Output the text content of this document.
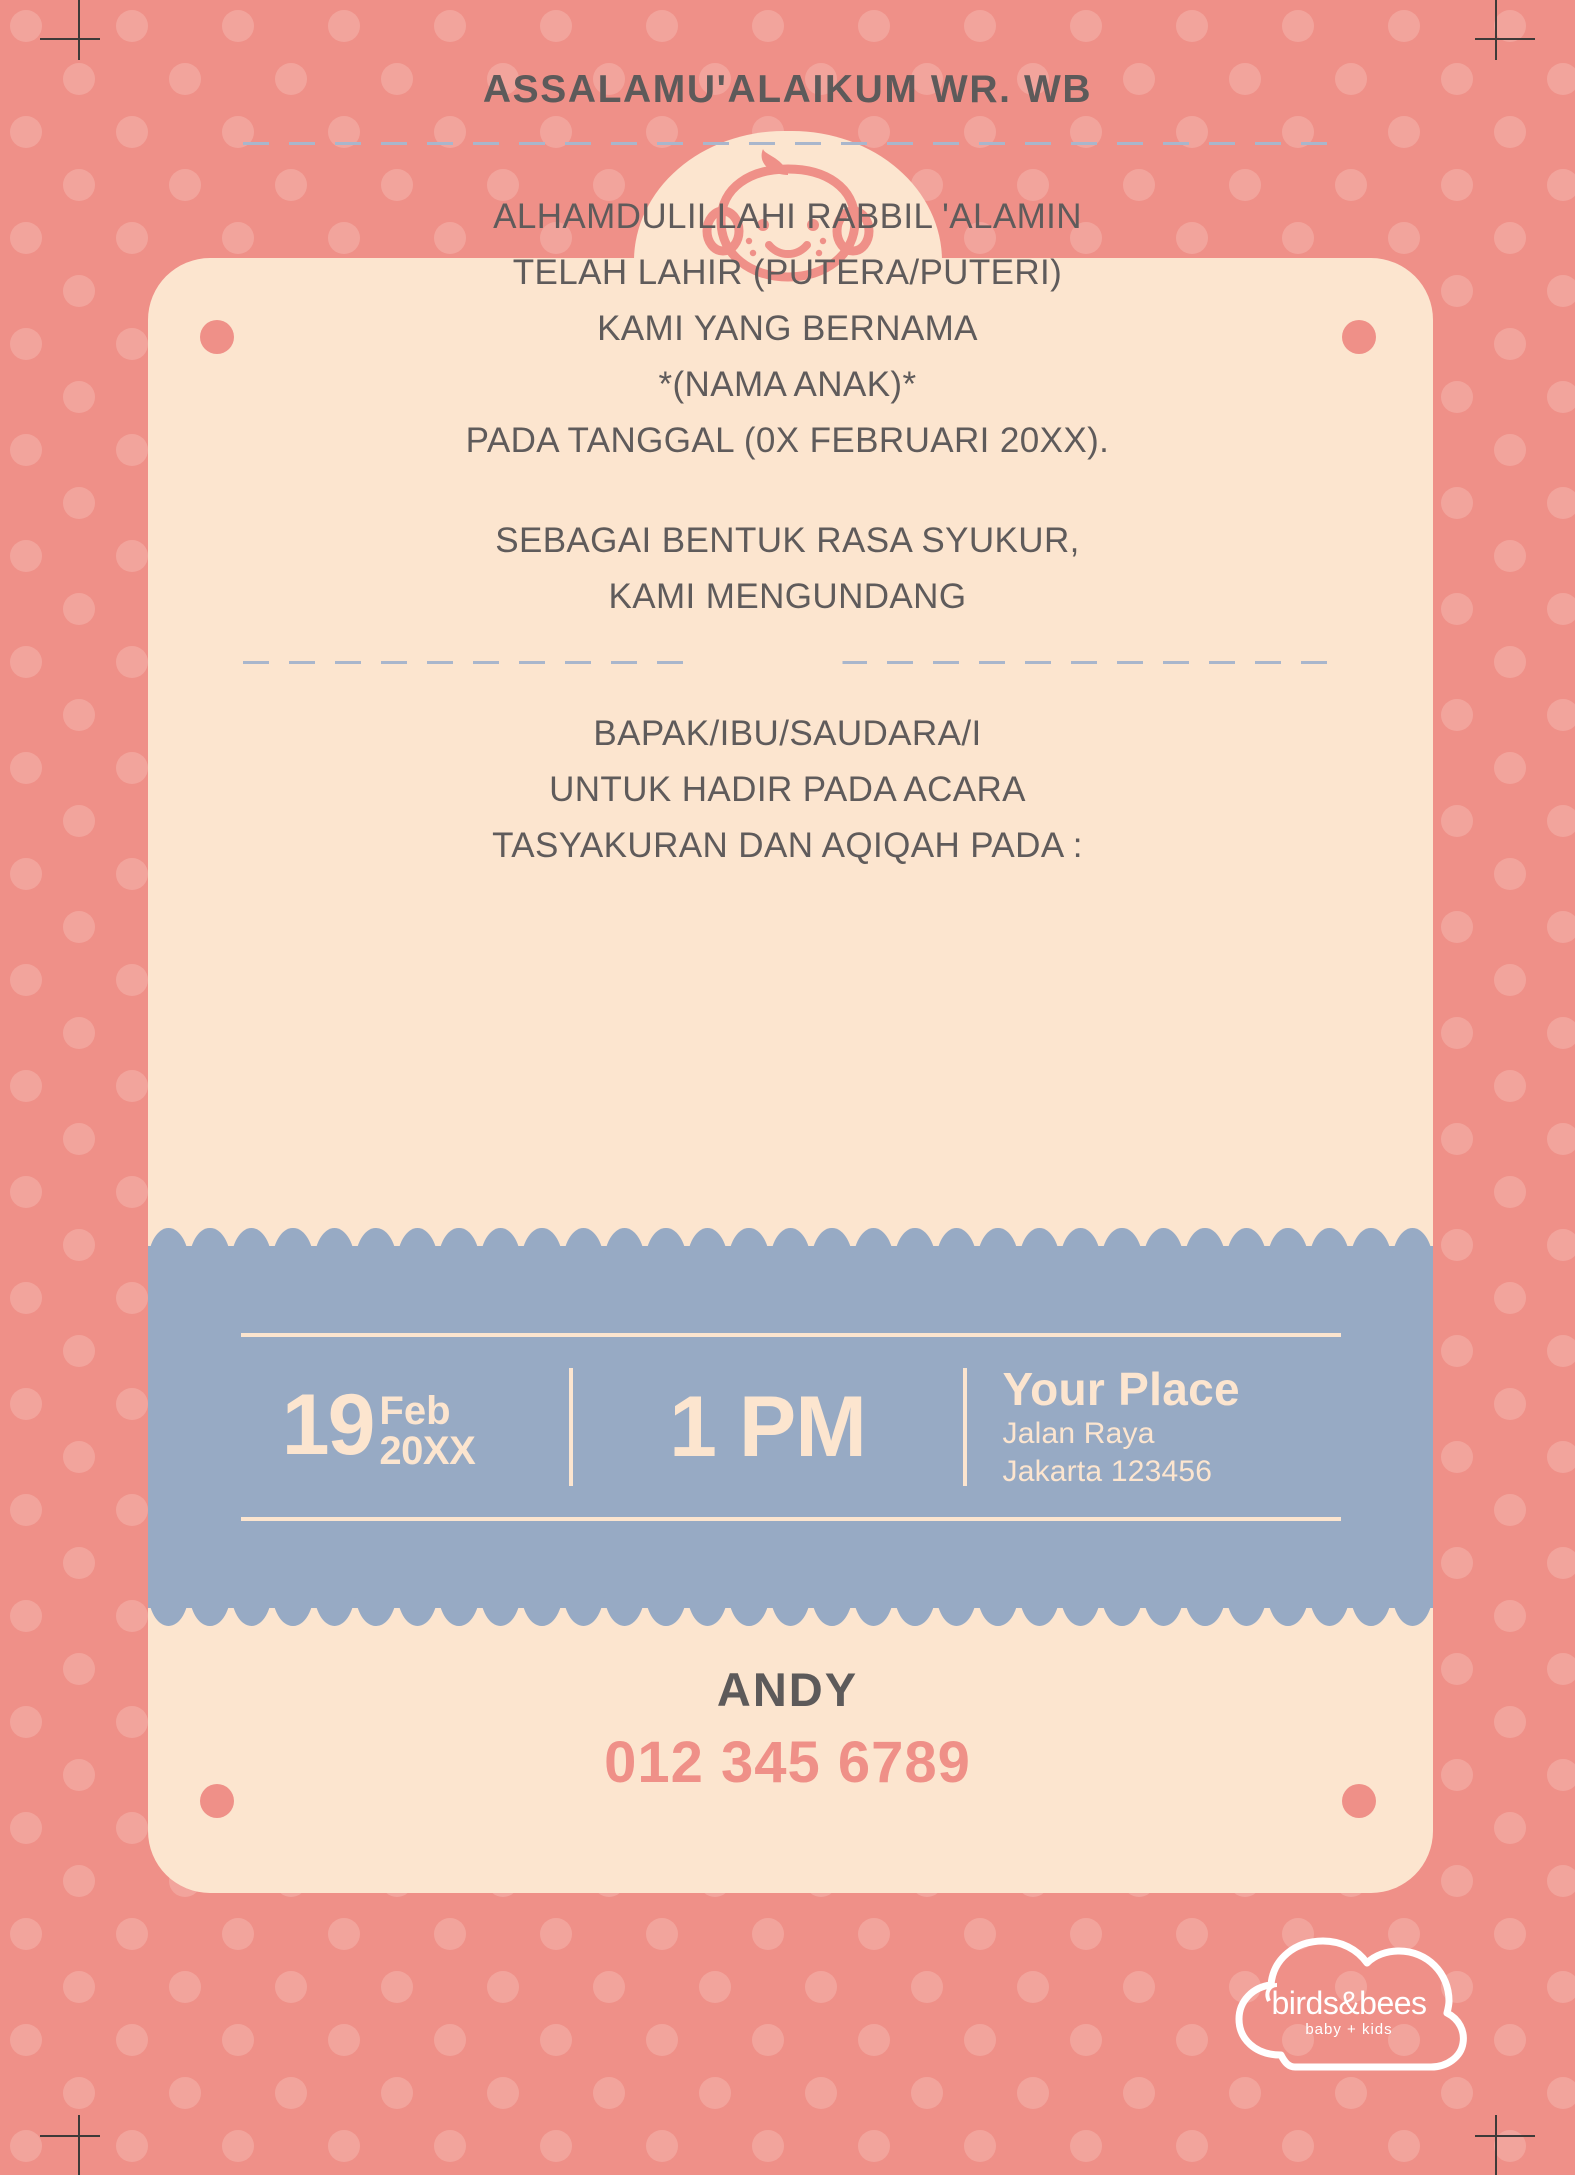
ASSALAMU'ALAIKUM WR. WB
ALHAMDULILLAHI RABBIL 'ALAMIN
TELAH LAHIR (PUTERA/PUTERI)
KAMI YANG BERNAMA
*(NAMA ANAK)*
PADA TANGGAL (0X FEBRUARI 20XX).
SEBAGAI BENTUK RASA SYUKUR,
KAMI MENGUNDANG
BAPAK/IBU/SAUDARA/I
UNTUK HADIR PADA ACARA
TASYAKURAN DAN AQIQAH PADA :
19 Feb
20XX	1 PM	Your Place
Jalan Raya
Jakarta 123456
ANDY
012 345 6789
birds&bees
baby + kids
